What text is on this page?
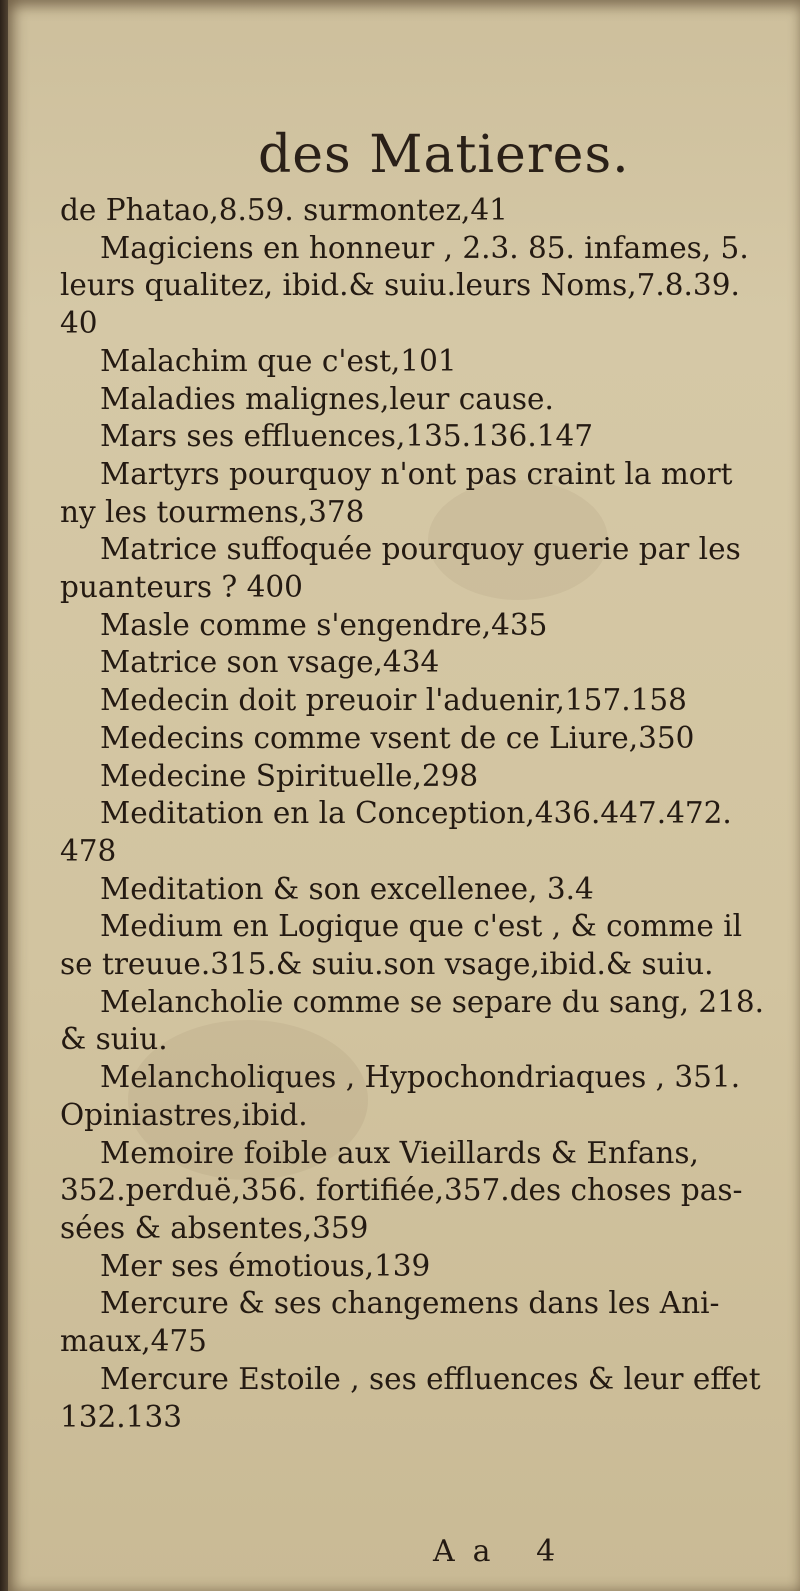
des Matieres.
de Phatao,8.59. surmontez,41
Magiciens en honneur , 2.3. 85. infames, 5.
leurs qualitez, ibid.& suiu.leurs Noms,7.8.39.
40
Malachim que c'est,101
Maladies malignes,leur cause.
Mars ses effluences,135.136.147
Martyrs pourquoy n'ont pas craint la mort
ny les tourmens,378
Matrice suffoquée pourquoy guerie par les
puanteurs ? 400
Masle comme s'engendre,435
Matrice son vsage,434
Medecin doit preuoir l'aduenir,157.158
Medecins comme vsent de ce Liure,350
Medecine Spirituelle,298
Meditation en la Conception,436.447.472.
478
Meditation & son excellenee, 3.4
Medium en Logique que c'est , & comme il
se treuue.315.& suiu.son vsage,ibid.& suiu.
Melancholie comme se separe du sang, 218.
& suiu.
Melancholiques , Hypochondriaques , 351.
Opiniastres,ibid.
Memoire foible aux Vieillards & Enfans,
352.perduë,356. fortifiée,357.des choses pas-
sées & absentes,359
Mer ses émotious,139
Mercure & ses changemens dans les Ani-
maux,475
Mercure Estoile , ses effluences & leur effet
132.133
Aa 4
